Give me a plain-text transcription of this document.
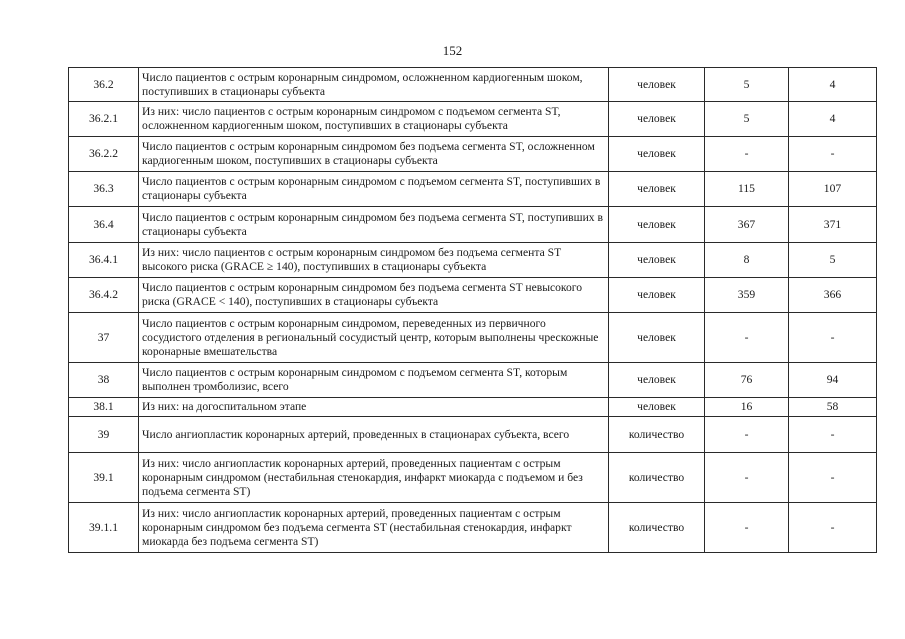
152
36.2	Число пациентов с острым коронарным синдромом, осложненном кардиогенным шоком, поступивших в стационары субъекта	человек	5	4
36.2.1	Из них: число пациентов с острым коронарным синдромом с подъемом сегмента ST, осложненном кардиогенным шоком, поступивших в стационары субъекта	человек	5	4
36.2.2	Число пациентов с острым коронарным синдромом без подъема сегмента ST, осложненном кардиогенным шоком, поступивших в стационары субъекта	человек	-	-
36.3	Число пациентов с острым коронарным синдромом с подъемом сегмента ST, поступивших в стационары субъекта	человек	115	107
36.4	Число пациентов с острым коронарным синдромом без подъема сегмента ST, поступивших в стационары субъекта	человек	367	371
36.4.1	Из них: число пациентов с острым коронарным синдромом без подъема сегмента ST высокого риска (GRACE ≥ 140), поступивших в стационары субъекта	человек	8	5
36.4.2	Число пациентов с острым коронарным синдромом без подъема сегмента ST невысокого риска (GRACE < 140), поступивших в стационары субъекта	человек	359	366
37	Число пациентов с острым коронарным синдромом, переведенных из первичного сосудистого отделения в региональный сосудистый центр, которым выполнены чрескожные коронарные вмешательства	человек	-	-
38	Число пациентов с острым коронарным синдромом с подъемом сегмента ST, которым выполнен тромболизис, всего	человек	76	94
38.1	Из них: на догоспитальном этапе	человек	16	58
39	Число ангиопластик коронарных артерий, проведенных в стационарах субъекта, всего	количество	-	-
39.1	Из них: число ангиопластик коронарных артерий, проведенных пациентам с острым коронарным синдромом (нестабильная стенокардия, инфаркт миокарда с подъемом и без подъема сегмента ST)	количество	-	-
39.1.1	Из них: число ангиопластик коронарных артерий, проведенных пациентам с острым коронарным синдромом без подъема сегмента ST (нестабильная стенокардия, инфаркт миокарда без подъема сегмента ST)	количество	-	-
